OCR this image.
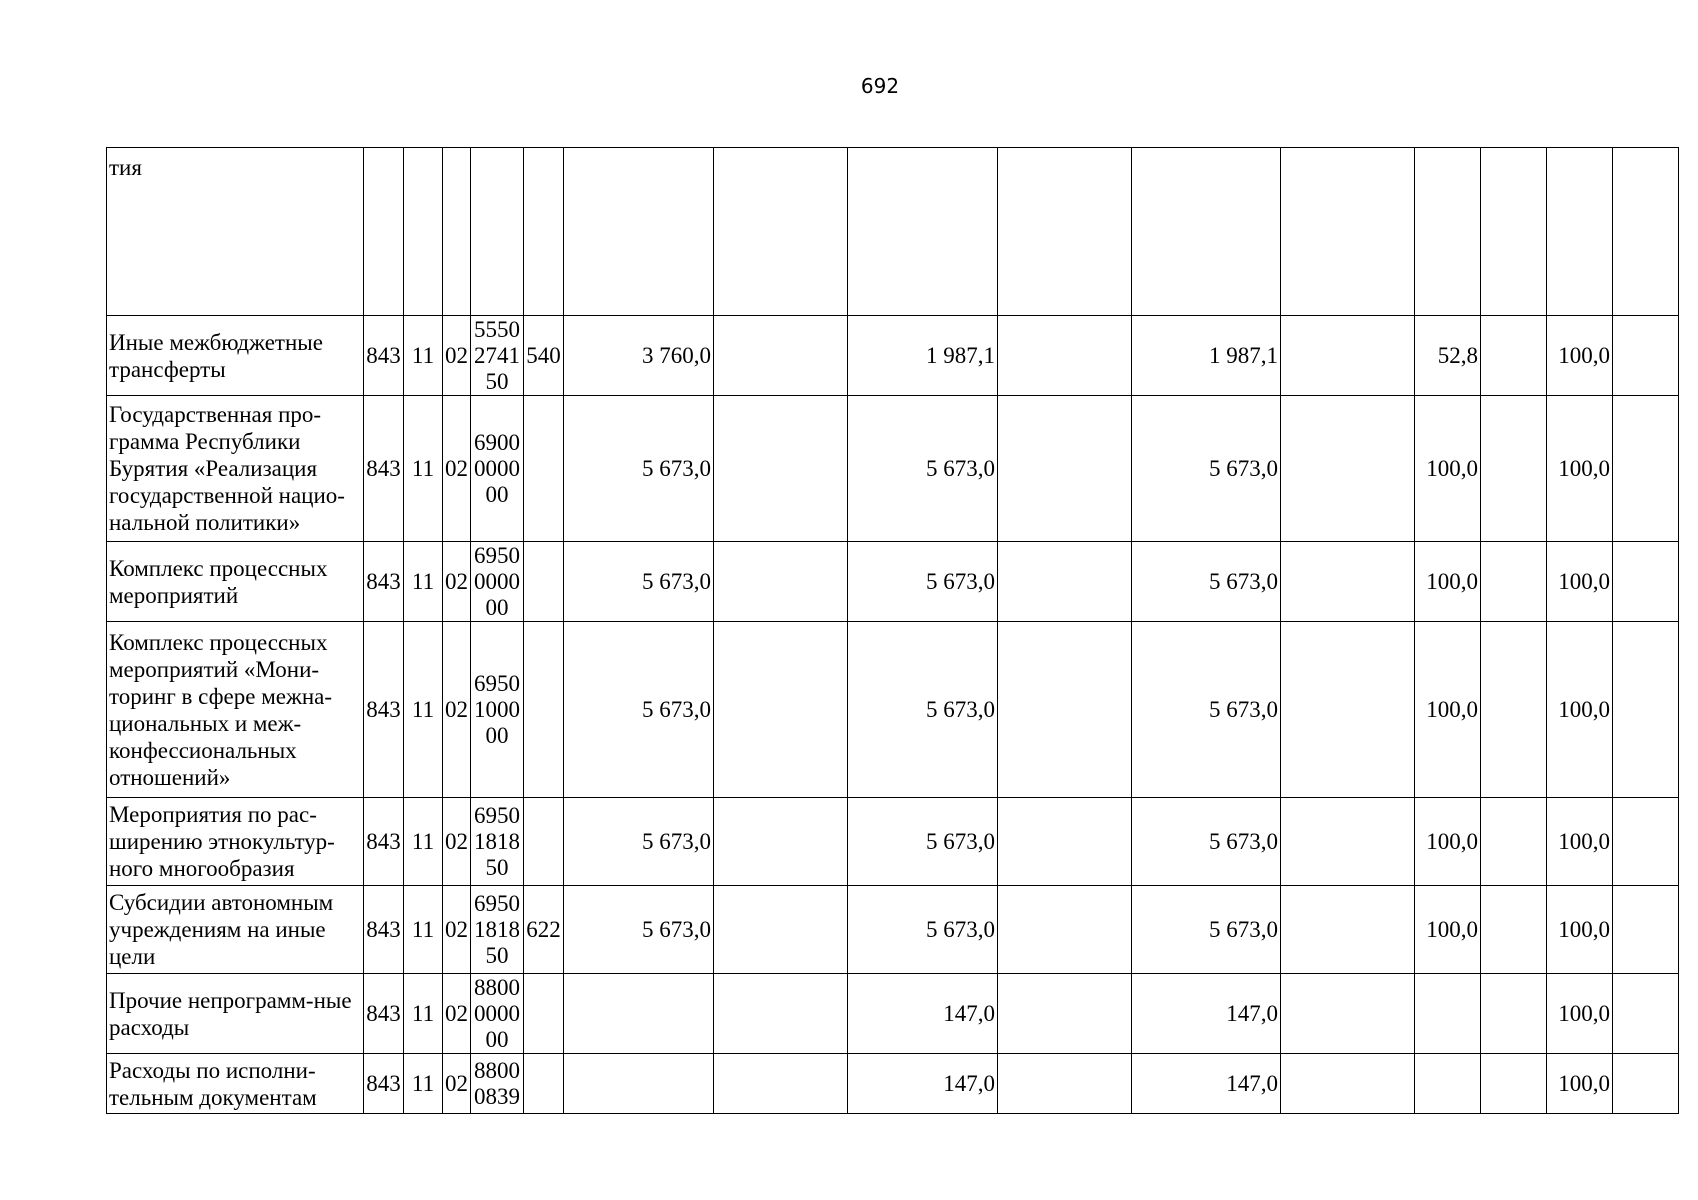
692
тия															
Иные межбюджетные трансферты	843	11	02	5550 2741 50	540	3 760,0		1 987,1		1 987,1		52,8		100,0	
Государственная про-грамма Республики Бурятия «Реализация государственной нацио-нальной политики»	843	11	02	6900 0000 00		5 673,0		5 673,0		5 673,0		100,0		100,0	
Комплекс процессных мероприятий	843	11	02	6950 0000 00		5 673,0		5 673,0		5 673,0		100,0		100,0	
Комплекс процессных мероприятий «Мони-торинг в сфере межна-циональных и меж-конфессиональных отношений»	843	11	02	6950 1000 00		5 673,0		5 673,0		5 673,0		100,0		100,0	
Мероприятия по рас-ширению этнокультур-ного многообразия	843	11	02	6950 1818 50		5 673,0		5 673,0		5 673,0		100,0		100,0	
Субсидии автономным учреждениям на иные цели	843	11	02	6950 1818 50	622	5 673,0		5 673,0		5 673,0		100,0		100,0	
Прочие непрограмм-ные расходы	843	11	02	8800 0000 00				147,0		147,0				100,0	
Расходы по исполни-тельным документам	843	11	02	8800 0839				147,0		147,0				100,0	
